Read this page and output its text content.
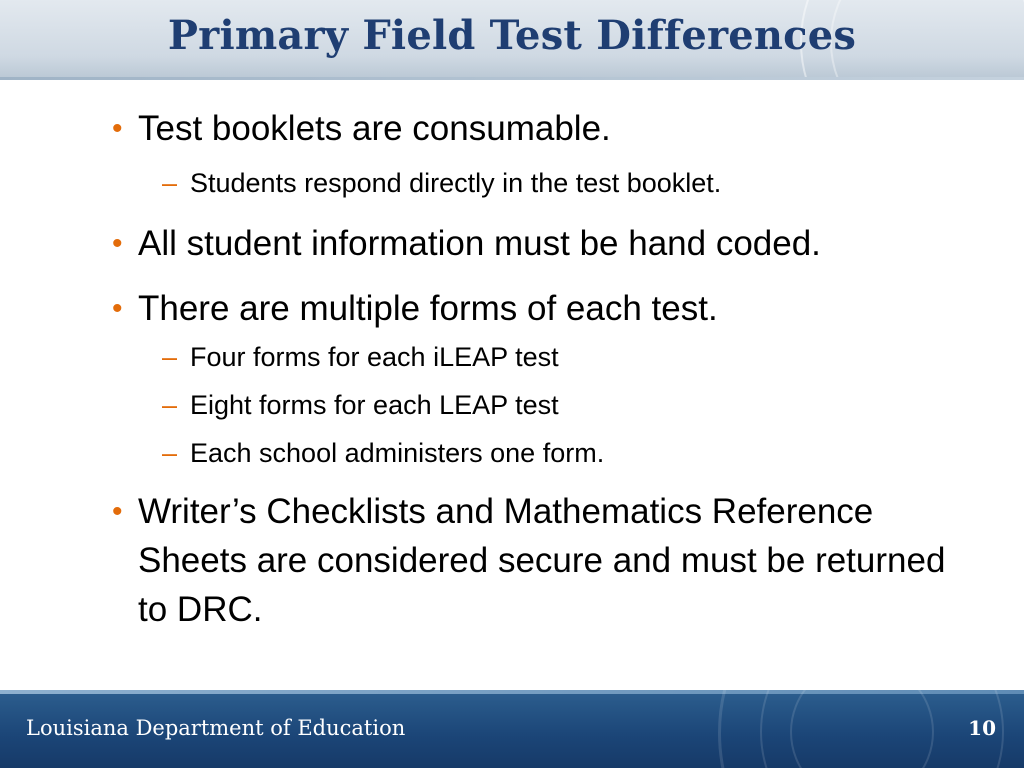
Primary Field Test Differences
• Test booklets are consumable.
– Students respond directly in the test booklet.
• All student information must be hand coded.
• There are multiple forms of each test.
– Four forms for each iLEAP test
– Eight forms for each LEAP test
– Each school administers one form.
• Writer’s Checklists and Mathematics Reference Sheets are considered secure and must be returned to DRC.
Louisiana Department of Education	10
